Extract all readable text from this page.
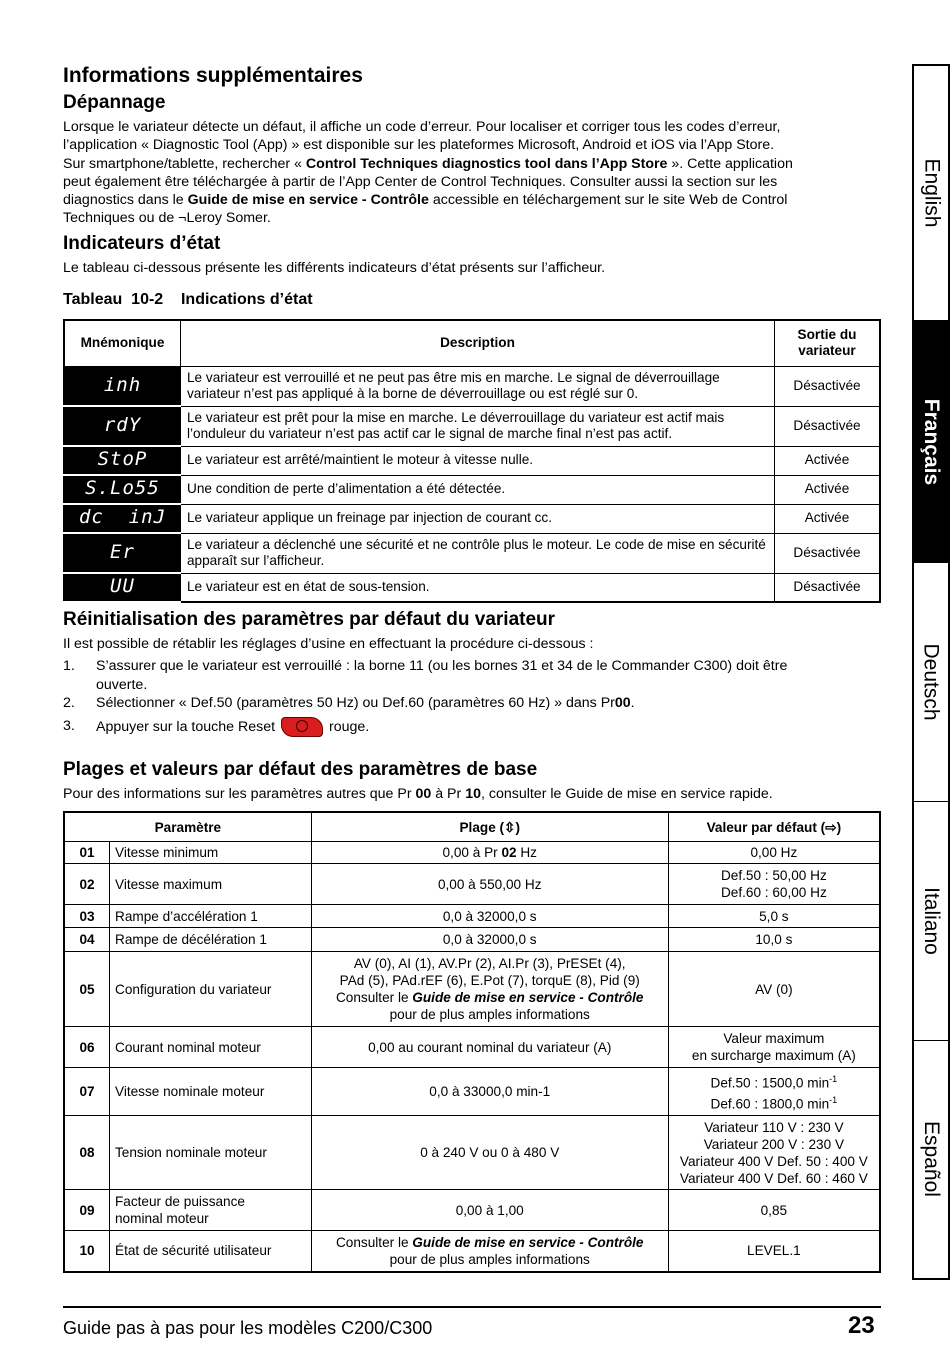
Informations supplémentaires
Dépannage
Lorsque le variateur détecte un défaut, il affiche un code d’erreur. Pour localiser et corriger tous les codes d’erreur,
l’application « Diagnostic Tool (App) » est disponible sur les plateformes Microsoft, Android et iOS via l’App Store.
Sur smartphone/tablette, rechercher « Control Techniques diagnostics tool dans l’App Store ». Cette application
peut également être téléchargée à partir de l’App Center de Control Techniques. Consulter aussi la section sur les
diagnostics dans le Guide de mise en service - Contrôle accessible en téléchargement sur le site Web de Control
Techniques ou de ¬Leroy Somer.
Indicateurs d’état
Le tableau ci-dessous présente les différents indicateurs d’état présents sur l’afficheur.
Tableau  10-2    Indications d’état
Mnémonique	Description	Sortie du variateur
inh	Le variateur est verrouillé et ne peut pas être mis en marche. Le signal de déverrouillage variateur n’est pas appliqué à la borne de déverrouillage ou est réglé sur 0.	Désactivée
rdY	Le variateur est prêt pour la mise en marche. Le déverrouillage du variateur est actif mais l’onduleur du variateur n’est pas actif car le signal de marche final n’est pas actif.	Désactivée
StoP	Le variateur est arrêté/maintient le moteur à vitesse nulle.	Activée
S.Lo55	Une condition de perte d’alimentation a été détectée.	Activée
dc  inJ	Le variateur applique un freinage par injection de courant cc.	Activée
Er	Le variateur a déclenché une sécurité et ne contrôle plus le moteur. Le code de mise en sécurité apparaît sur l’afficheur.	Désactivée
UU	Le variateur est en état de sous-tension.	Désactivée
Réinitialisation des paramètres par défaut du variateur
Il est possible de rétablir les réglages d’usine en effectuant la procédure ci-dessous :
1. S’assurer que le variateur est verrouillé : la borne 11 (ou les bornes 31 et 34 de le Commander C300) doit être
ouverte.
2. Sélectionner « Def.50 (paramètres 50 Hz) ou Def.60 (paramètres 60 Hz) » dans Pr00.
3. Appuyer sur la touche Reset	rouge.
Plages et valeurs par défaut des paramètres de base
Pour des informations sur les paramètres autres que Pr 00 à Pr 10, consulter le Guide de mise en service rapide.
Paramètre		Plage (⇳)	Valeur par défaut (⇨)
01	Vitesse minimum	0,00 à Pr 02 Hz	0,00 Hz
02	Vitesse maximum	0,00 à 550,00 Hz	Def.50 : 50,00 Hz
Def.60 : 60,00 Hz
03	Rampe d’accélération 1	0,0 à 32000,0 s	5,0 s
04	Rampe de décélération 1	0,0 à 32000,0 s	10,0 s
05	Configuration du variateur	AV (0), AI (1), AV.Pr (2), AI.Pr (3), PrESEt (4),
PAd (5), PAd.rEF (6), E.Pot (7), torquE (8), Pid (9)
Consulter le Guide de mise en service - Contrôle
pour de plus amples informations	AV (0)
06	Courant nominal moteur	0,00 au courant nominal du variateur (A)	Valeur maximum
en surcharge maximum (A)
07	Vitesse nominale moteur	0,0 à 33000,0 min-1	Def.50 : 1500,0 $\min^{-1}$
Def.60 : 1800,0 $\min^{-1}$

08	Tension nominale moteur	0 à 240 V ou 0 à 480 V	Variateur 110 V : 230 V
Variateur 200 V : 230 V
Variateur 400 V Def. 50 : 400 V
Variateur 400 V Def. 60 : 460 V
09	Facteur de puissance
nominal moteur	0,00 à 1,00	0,85
10	État de sécurité utilisateur	Consulter le Guide de mise en service - Contrôle
pour de plus amples informations	LEVEL.1
Guide pas à pas pour les modèles C200/C300	23
English
Français
Deutsch
Italiano
Español
